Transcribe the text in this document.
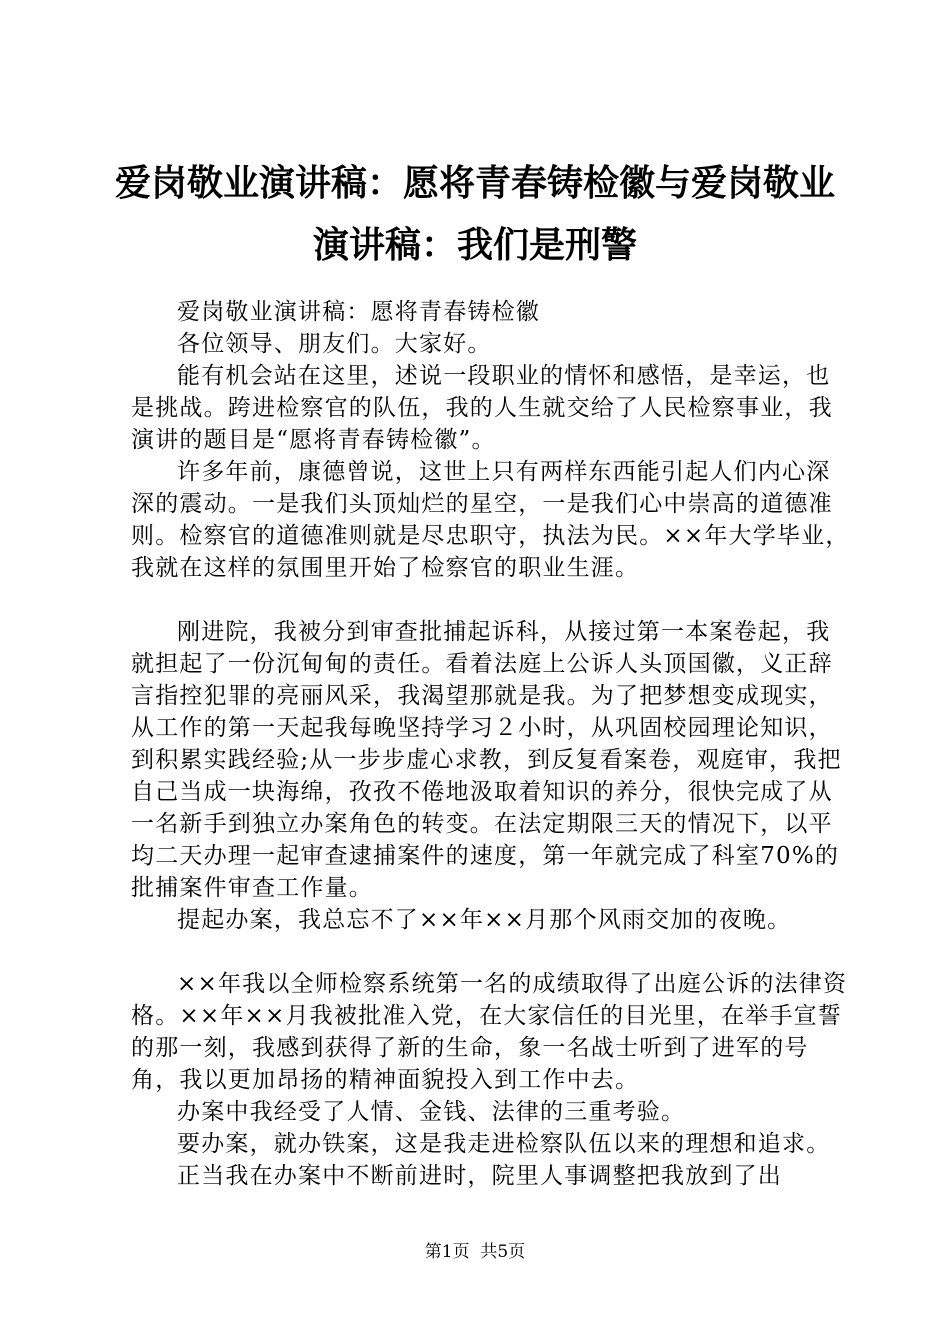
爱岗敬业演讲稿：愿将青春铸检徽与爱岗敬业
演讲稿：我们是刑警

爱岗敬业演讲稿：愿将青春铸检徽

各位领导、朋友们。大家好。

能有机会站在这里，述说一段职业的情怀和感悟，是幸运，也是挑战。跨进检察官的队伍，我的人生就交给了人民检察事业，我演讲的题目是“愿将青春铸检徽”。

许多年前，康德曾说，这世上只有两样东西能引起人们内心深深的震动。一是我们头顶灿烂的星空，一是我们心中崇高的道德准则。检察官的道德准则就是尽忠职守，执法为民。××年大学毕业，我就在这样的氛围里开始了检察官的职业生涯。

刚进院，我被分到审查批捕起诉科，从接过第一本案卷起，我就担起了一份沉甸甸的责任。看着法庭上公诉人头顶国徽，义正辞言指控犯罪的亮丽风采，我渴望那就是我。为了把梦想变成现实，从工作的第一天起我每晚坚持学习２小时，从巩固校园理论知识，到积累实践经验;从一步步虚心求教，到反复看案卷，观庭审，我把自己当成一块海绵，孜孜不倦地汲取着知识的养分，很快完成了从一名新手到独立办案角色的转变。在法定期限三天的情况下，以平均二天办理一起审查逮捕案件的速度，第一年就完成了科室70%的批捕案件审查工作量。

提起办案，我总忘不了××年××月那个风雨交加的夜晚。

××年我以全师检察系统第一名的成绩取得了出庭公诉的法律资格。××年××月我被批准入党，在大家信任的目光里，在举手宣誓的那一刻，我感到获得了新的生命，象一名战士听到了进军的号角，我以更加昂扬的精神面貌投入到工作中去。

办案中我经受了人情、金钱、法律的三重考验。

要办案，就办铁案，这是我走进检察队伍以来的理想和追求。

正当我在办案中不断前进时，院里人事调整把我放到了出

第1页  共5页
